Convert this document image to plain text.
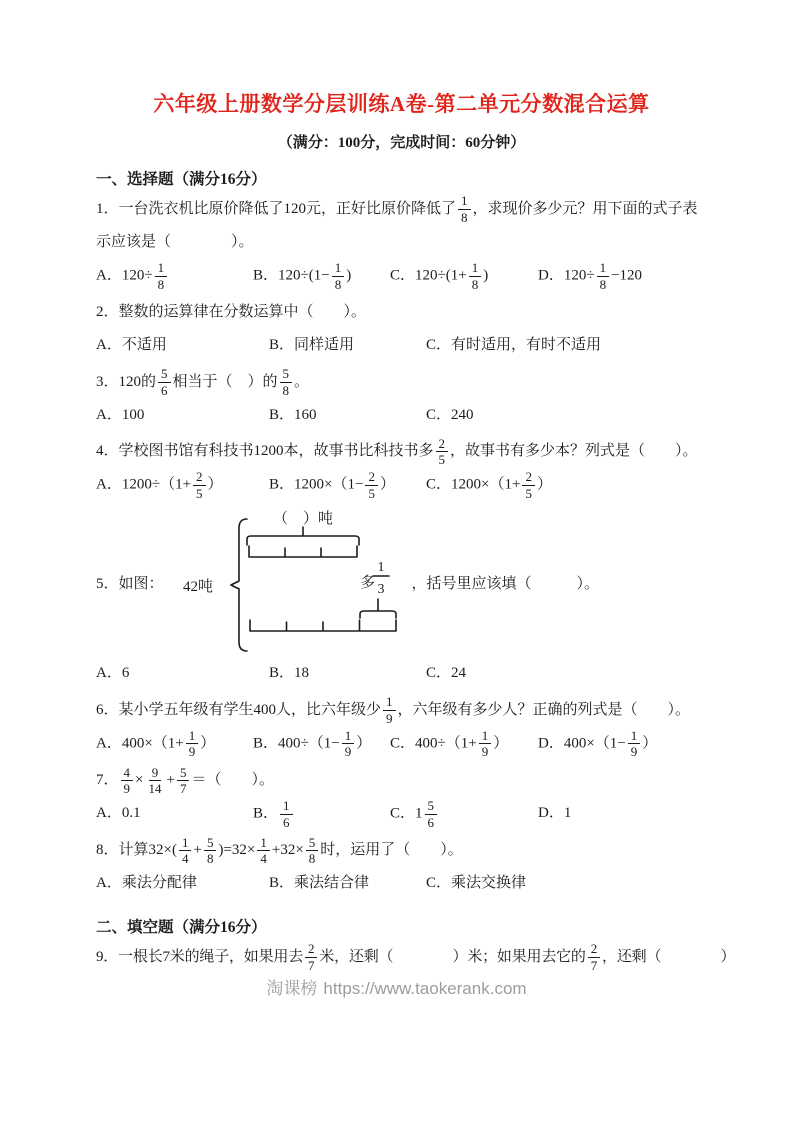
六年级上册数学分层训练A卷-第二单元分数混合运算
（满分：100分，完成时间：60分钟）
一、选择题（满分16分）
1．一台洗衣机比原价降低了120元，正好比原价降低了 $\frac{1}{8}$ ，求现价多少元？用下面的式子表示应该是（　　　　）。
A．$120\div \frac{1}{8}$	B．$120\div(1- \frac{1}{8}$ )	C．$120\div(1+ \frac{1}{8}$ )	D．$120\div \frac{1}{8} -120$
2．整数的运算律在分数运算中（　　）。
A．不适用	B．同样适用	C．有时适用，有时不适用
3．120的 $\frac{5}{6}$ 相当于（　）的 $\frac{5}{8}$ 。
A．100	B．160	C．240
4．学校图书馆有科技书1200本，故事书比科技书多 $\frac{2}{5}$ ，故事书有多少本？列式是（　　）。
A．$1200\div(1+ \frac{2}{5}$ ）	B．$1200\times(1- \frac{2}{5}$ ）	C．$1200\times(1+ \frac{2}{5}$ ）
5．如图：
（　）吨
42吨	多
1
3 ，括号里应该填（　　　）。
A．6	B．18	C．24
6．某小学五年级有学生400人，比六年级少 $\frac{1}{9}$ ，六年级有多少人？正确的列式是（　　）。
A．$400\times(1+ \frac{1}{9}$ ）	B．$400\div(1- \frac{1}{9}$ ）	C．$400\div(1+ \frac{1}{9}$ ）	D．$400\times(1- \frac{1}{9}$ ）
7． $\frac{4}{9} \times \frac{9}{14} + \frac{5}{7}$ ＝（　　）。
A．0.1	B． $\frac{1}{6}$	C．$1 \frac{5}{6}$	D．1
8．计算$32\times( \frac{1}{4} + \frac{5}{8} )=32\times \frac{1}{4} +32\times \frac{5}{8}$ 时，运用了（　　）。
A．乘法分配律	B．乘法结合律	C．乘法交换律
二、填空题（满分16分）
9．一根长7米的绳子，如果用去 $\frac{2}{7}$ 米，还剩（　　　　）米；如果用去它的 $\frac{2}{7}$ ，还剩（　　　　）
淘课榜 https://www.taokerank.com
